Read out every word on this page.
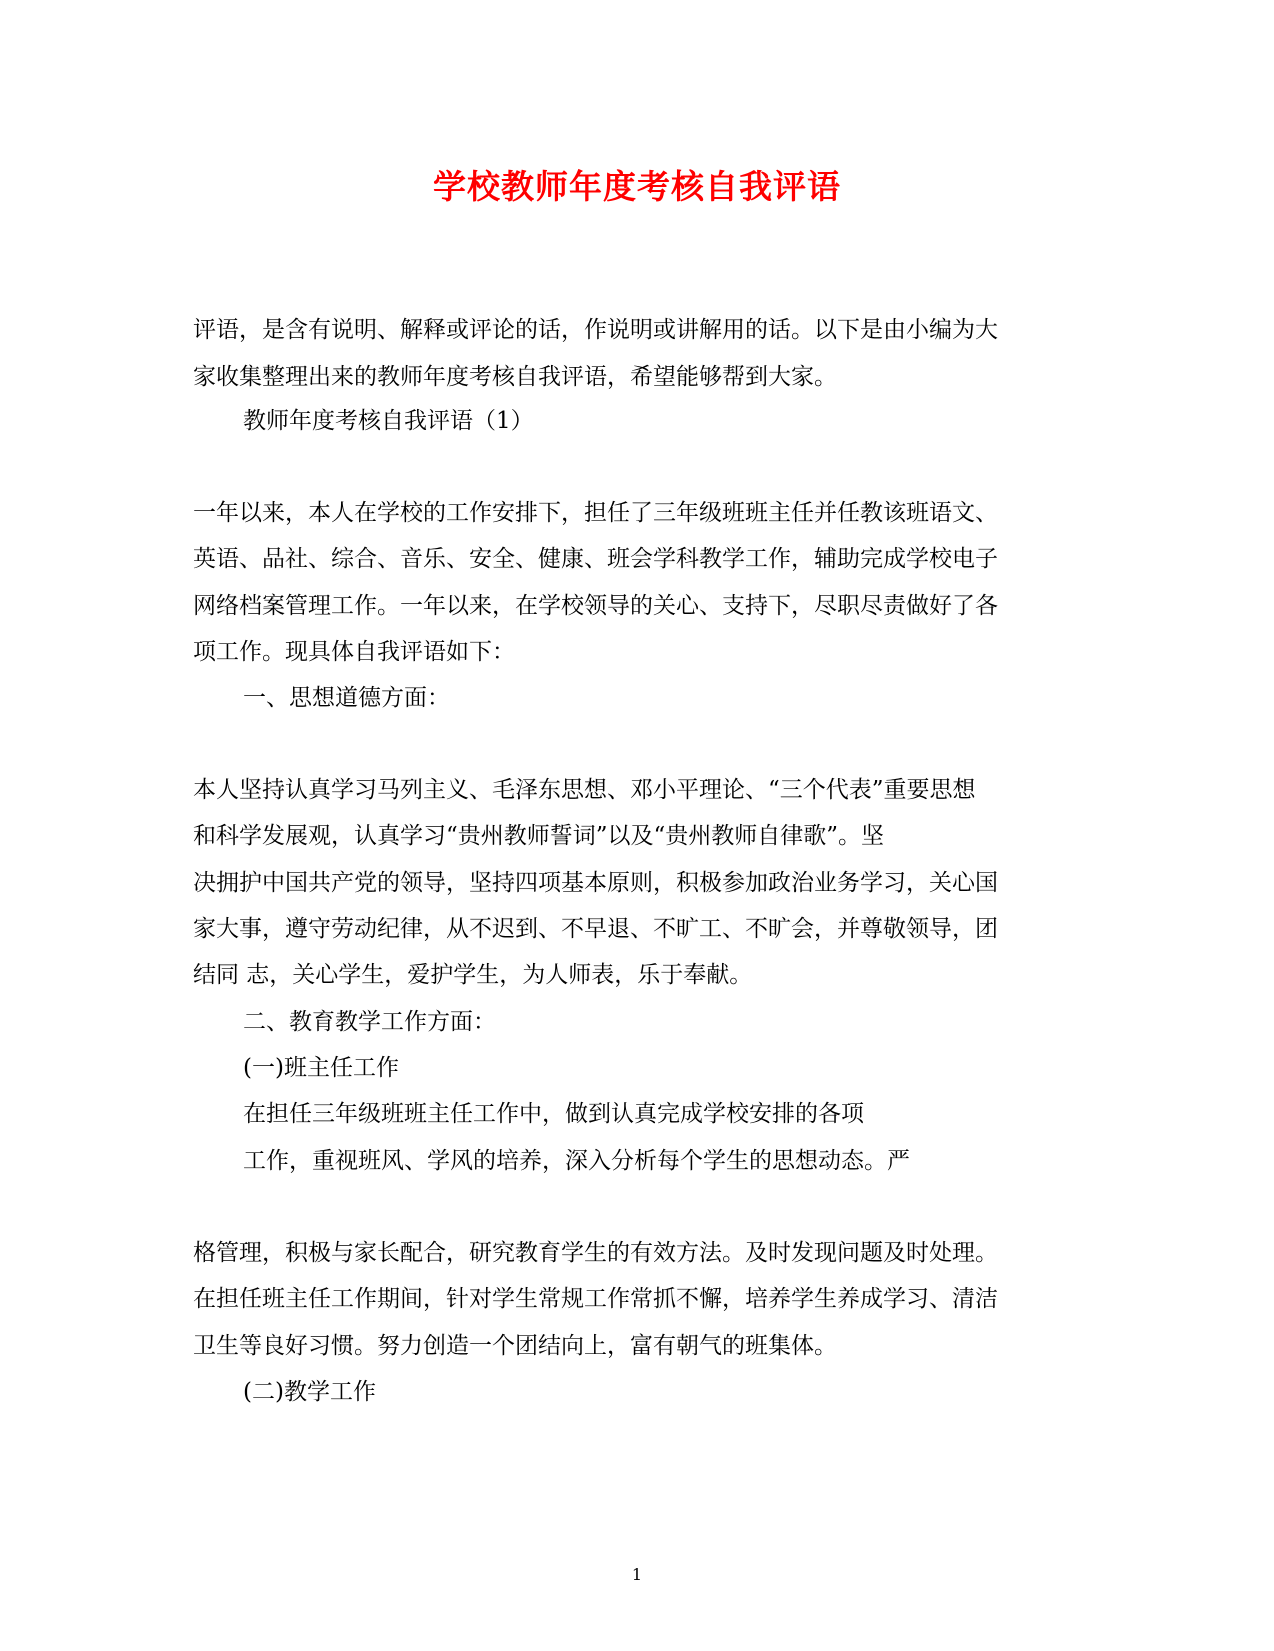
学校教师年度考核自我评语
评语，是含有说明、解释或评论的话，作说明或讲解用的话。以下是由小编为大
家收集整理出来的教师年度考核自我评语，希望能够帮到大家。
教师年度考核自我评语（1）
一年以来，本人在学校的工作安排下，担任了三年级班班主任并任教该班语文、
英语、品社、综合、音乐、安全、健康、班会学科教学工作，辅助完成学校电子
网络档案管理工作。一年以来，在学校领导的关心、支持下，尽职尽责做好了各
项工作。现具体自我评语如下：
一、思想道德方面：
本人坚持认真学习马列主义、毛泽东思想、邓小平理论、“三个代表”重要思想
和科学发展观，认真学习“贵州教师誓词”以及“贵州教师自律歌”。坚
决拥护中国共产党的领导，坚持四项基本原则，积极参加政治业务学习，关心国
家大事，遵守劳动纪律，从不迟到、不早退、不旷工、不旷会，并尊敬领导，团
结同 志，关心学生，爱护学生，为人师表，乐于奉献。
二、教育教学工作方面：
(一)班主任工作
在担任三年级班班主任工作中，做到认真完成学校安排的各项
工作，重视班风、学风的培养，深入分析每个学生的思想动态。严
格管理，积极与家长配合，研究教育学生的有效方法。及时发现问题及时处理。
在担任班主任工作期间，针对学生常规工作常抓不懈，培养学生养成学习、清洁
卫生等良好习惯。努力创造一个团结向上，富有朝气的班集体。
(二)教学工作
1
